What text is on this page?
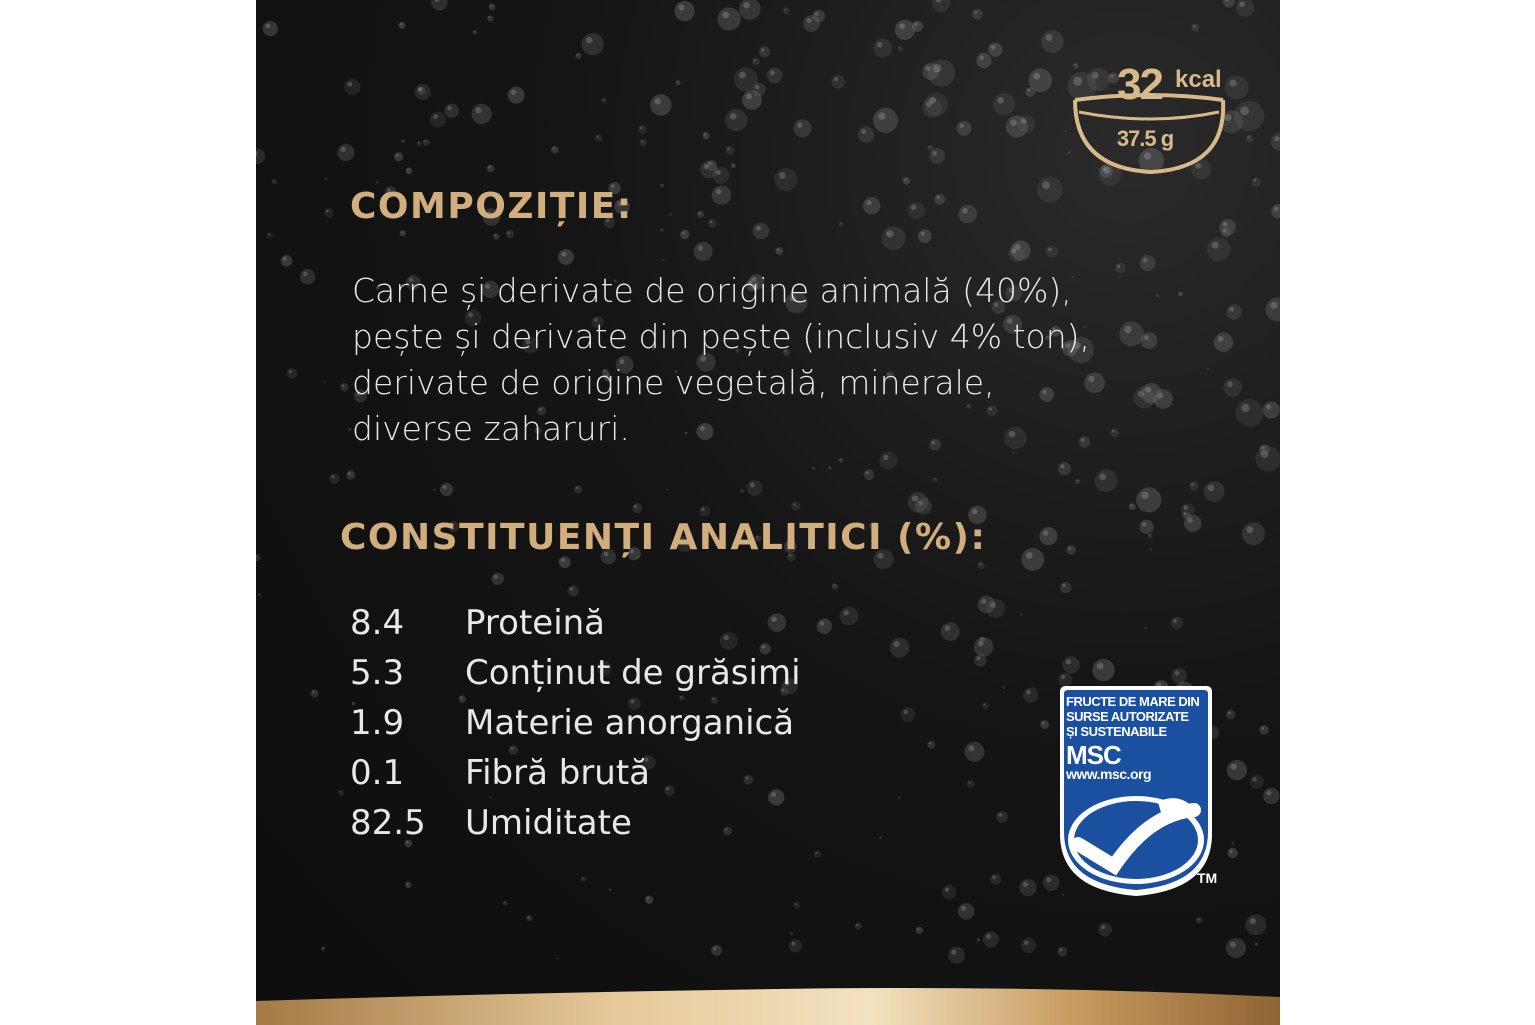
32 kcal
37.5 g
COMPOZIȚIE:
Carne și derivate de origine animală (40%),
pește și derivate din pește (inclusiv 4% ton),
derivate de origine vegetală, minerale,
diverse zaharuri.
CONSTITUENȚI ANALITICI (%):
8.4 Proteină
5.3 Conținut de grăsimi
1.9 Materie anorganică
0.1 Fibră brută
82.5 Umiditate
FRUCTE DE MARE DIN
SURSE AUTORIZATE
ȘI SUSTENABILE
MSC
www.msc.org
TM
